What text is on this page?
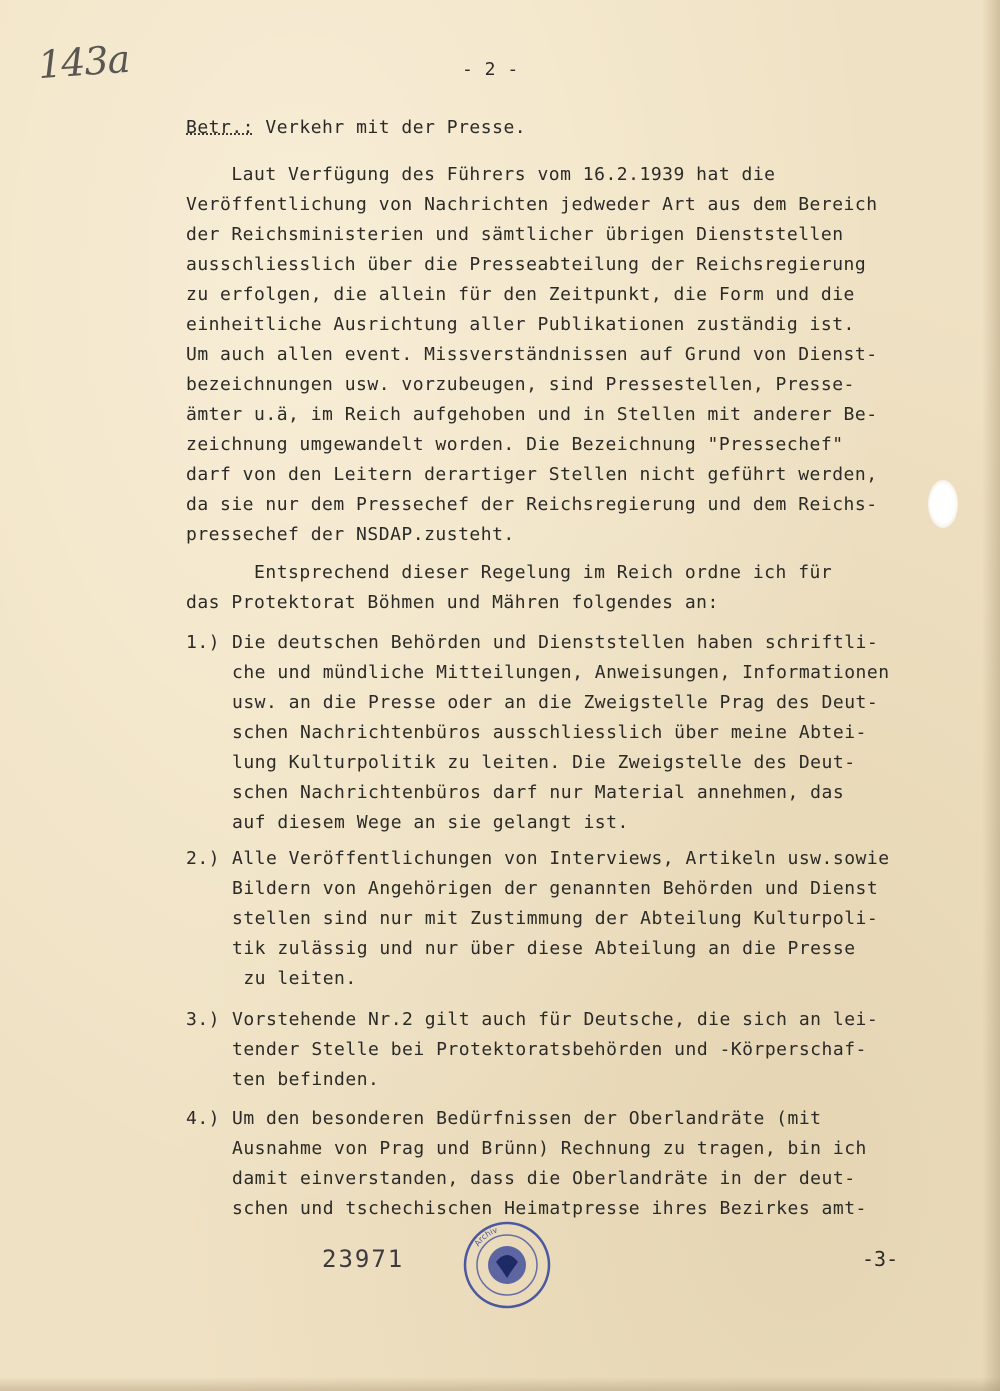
143a	- 2 -
Betr.: Verkehr mit der Presse.
Laut Verfügung des Führers vom 16.2.1939 hat die
Veröffentlichung von Nachrichten jedweder Art aus dem Bereich
der Reichsministerien und sämtlicher übrigen Dienststellen
ausschliesslich über die Presseabteilung der Reichsregierung
zu erfolgen, die allein für den Zeitpunkt, die Form und die
einheitliche Ausrichtung aller Publikationen zuständig ist.
Um auch allen event. Missverständnissen auf Grund von Dienst-
bezeichnungen usw. vorzubeugen, sind Pressestellen, Presse-
ämter u.ä, im Reich aufgehoben und in Stellen mit anderer Be-
zeichnung umgewandelt worden. Die Bezeichnung "Pressechef"
darf von den Leitern derartiger Stellen nicht geführt werden,
da sie nur dem Pressechef der Reichsregierung und dem Reichs-
pressechef der NSDAP.zusteht.
Entsprechend dieser Regelung im Reich ordne ich für
das Protektorat Böhmen und Mähren folgendes an:
1.) Die deutschen Behörden und Dienststellen haben schriftli-
che und mündliche Mitteilungen, Anweisungen, Informationen
usw. an die Presse oder an die Zweigstelle Prag des Deut-
schen Nachrichtenbüros ausschliesslich über meine Abtei-
lung Kulturpolitik zu leiten. Die Zweigstelle des Deut-
schen Nachrichtenbüros darf nur Material annehmen, das
auf diesem Wege an sie gelangt ist.
2.) Alle Veröffentlichungen von Interviews, Artikeln usw.sowie
Bildern von Angehörigen der genannten Behörden und Dienst
stellen sind nur mit Zustimmung der Abteilung Kulturpoli-
tik zulässig und nur über diese Abteilung an die Presse
zu leiten.
3.) Vorstehende Nr.2 gilt auch für Deutsche, die sich an lei-
tender Stelle bei Protektoratsbehörden und -Körperschaf-
ten befinden.
4.) Um den besonderen Bedürfnissen der Oberlandräte (mit
Ausnahme von Prag und Brünn) Rechnung zu tragen, bin ich
damit einverstanden, dass die Oberlandräte in der deut-
schen und tschechischen Heimatpresse ihres Bezirkes amt-
23971
Archiv
-3-
